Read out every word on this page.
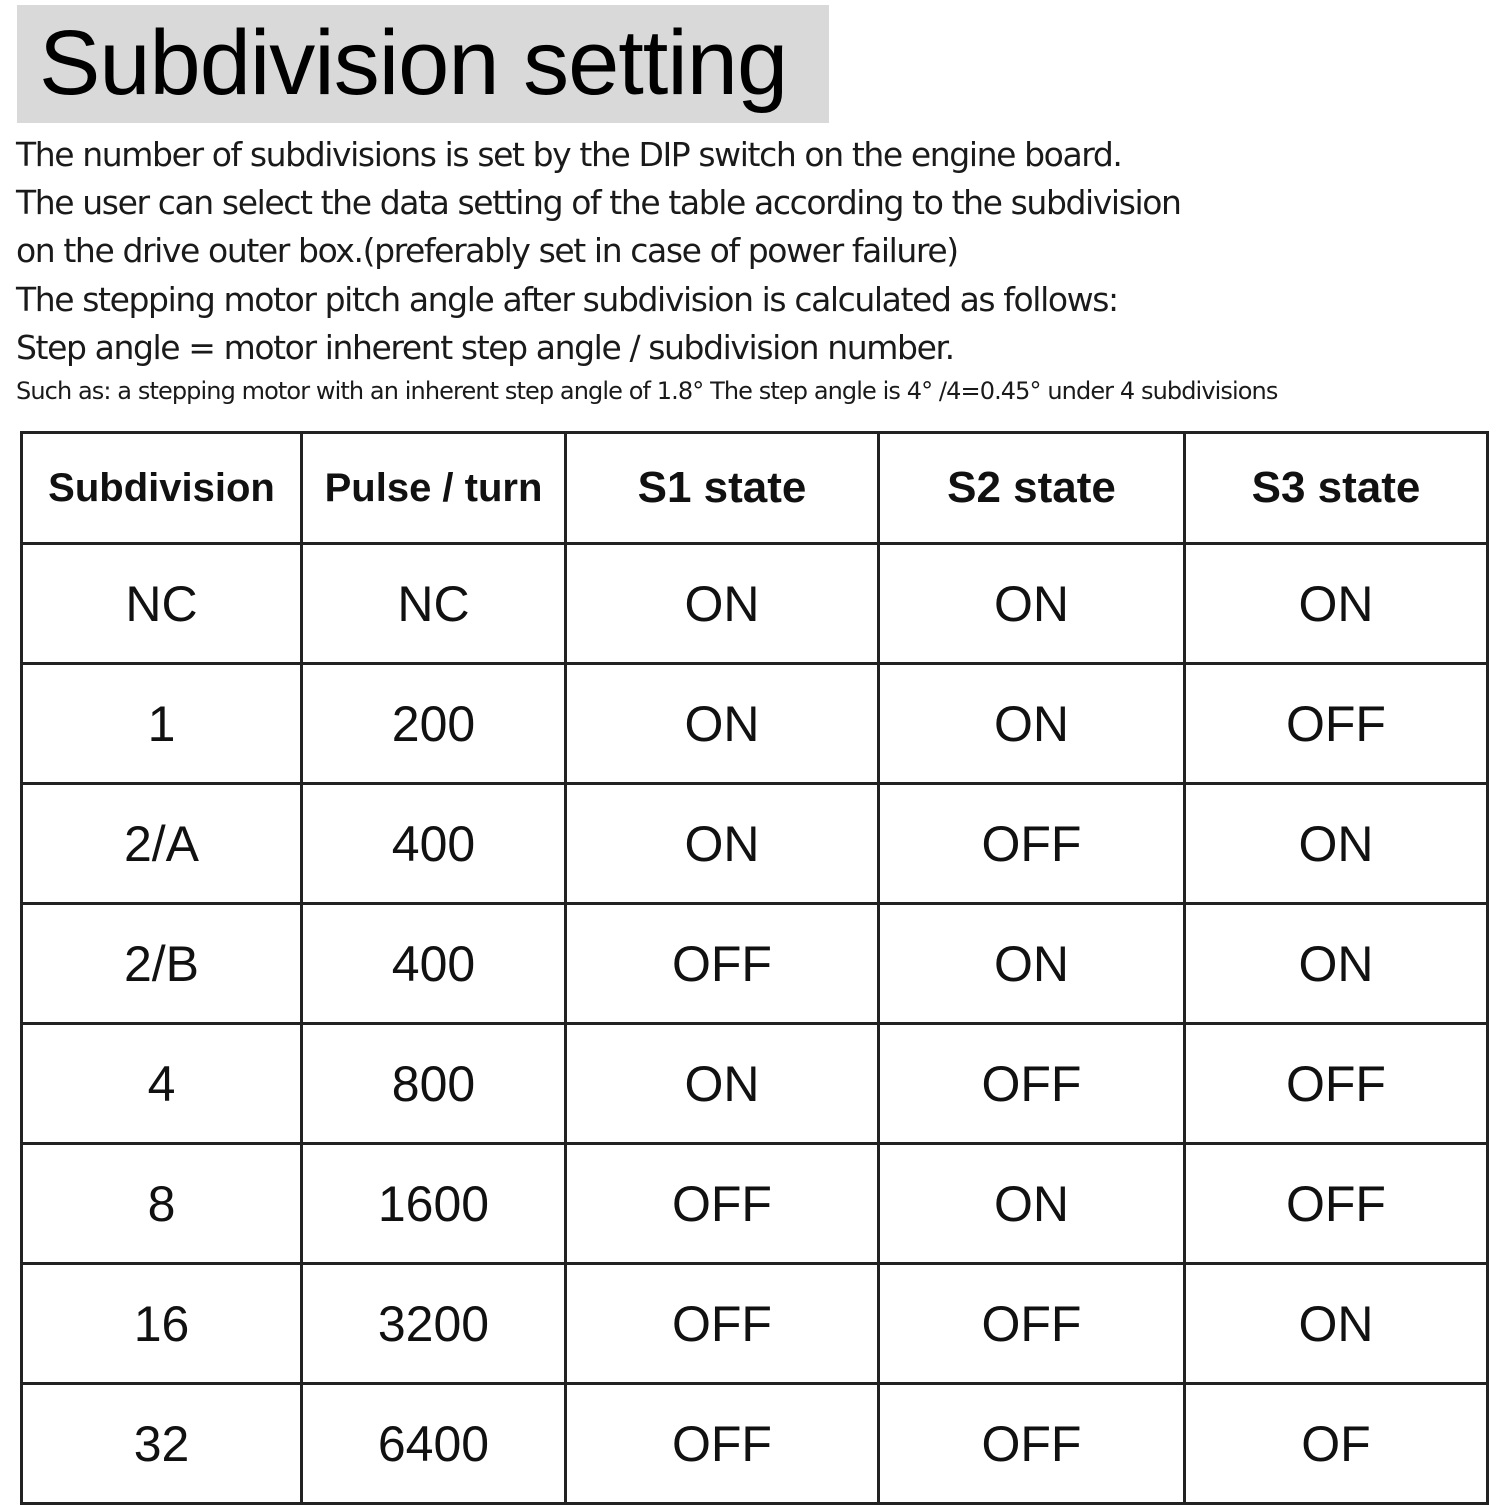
Subdivision setting
The number of subdivisions is set by the DIP switch on the engine board.
The user can select the data setting of the table according to the subdivision
on the drive outer box.(preferably set in case of power failure)
The stepping motor pitch angle after subdivision is calculated as follows:
Step angle = motor inherent step angle / subdivision number.
Such as: a stepping motor with an inherent step angle of 1.8° The step angle is 4° /4=0.45° under 4 subdivisions
Subdivision	Pulse / turn	S1 state	S2 state	S3 state
NC	NC	ON	ON	ON
1	200	ON	ON	OFF
2/A	400	ON	OFF	ON
2/B	400	OFF	ON	ON
4	800	ON	OFF	OFF
8	1600	OFF	ON	OFF
16	3200	OFF	OFF	ON
32	6400	OFF	OFF	OF
